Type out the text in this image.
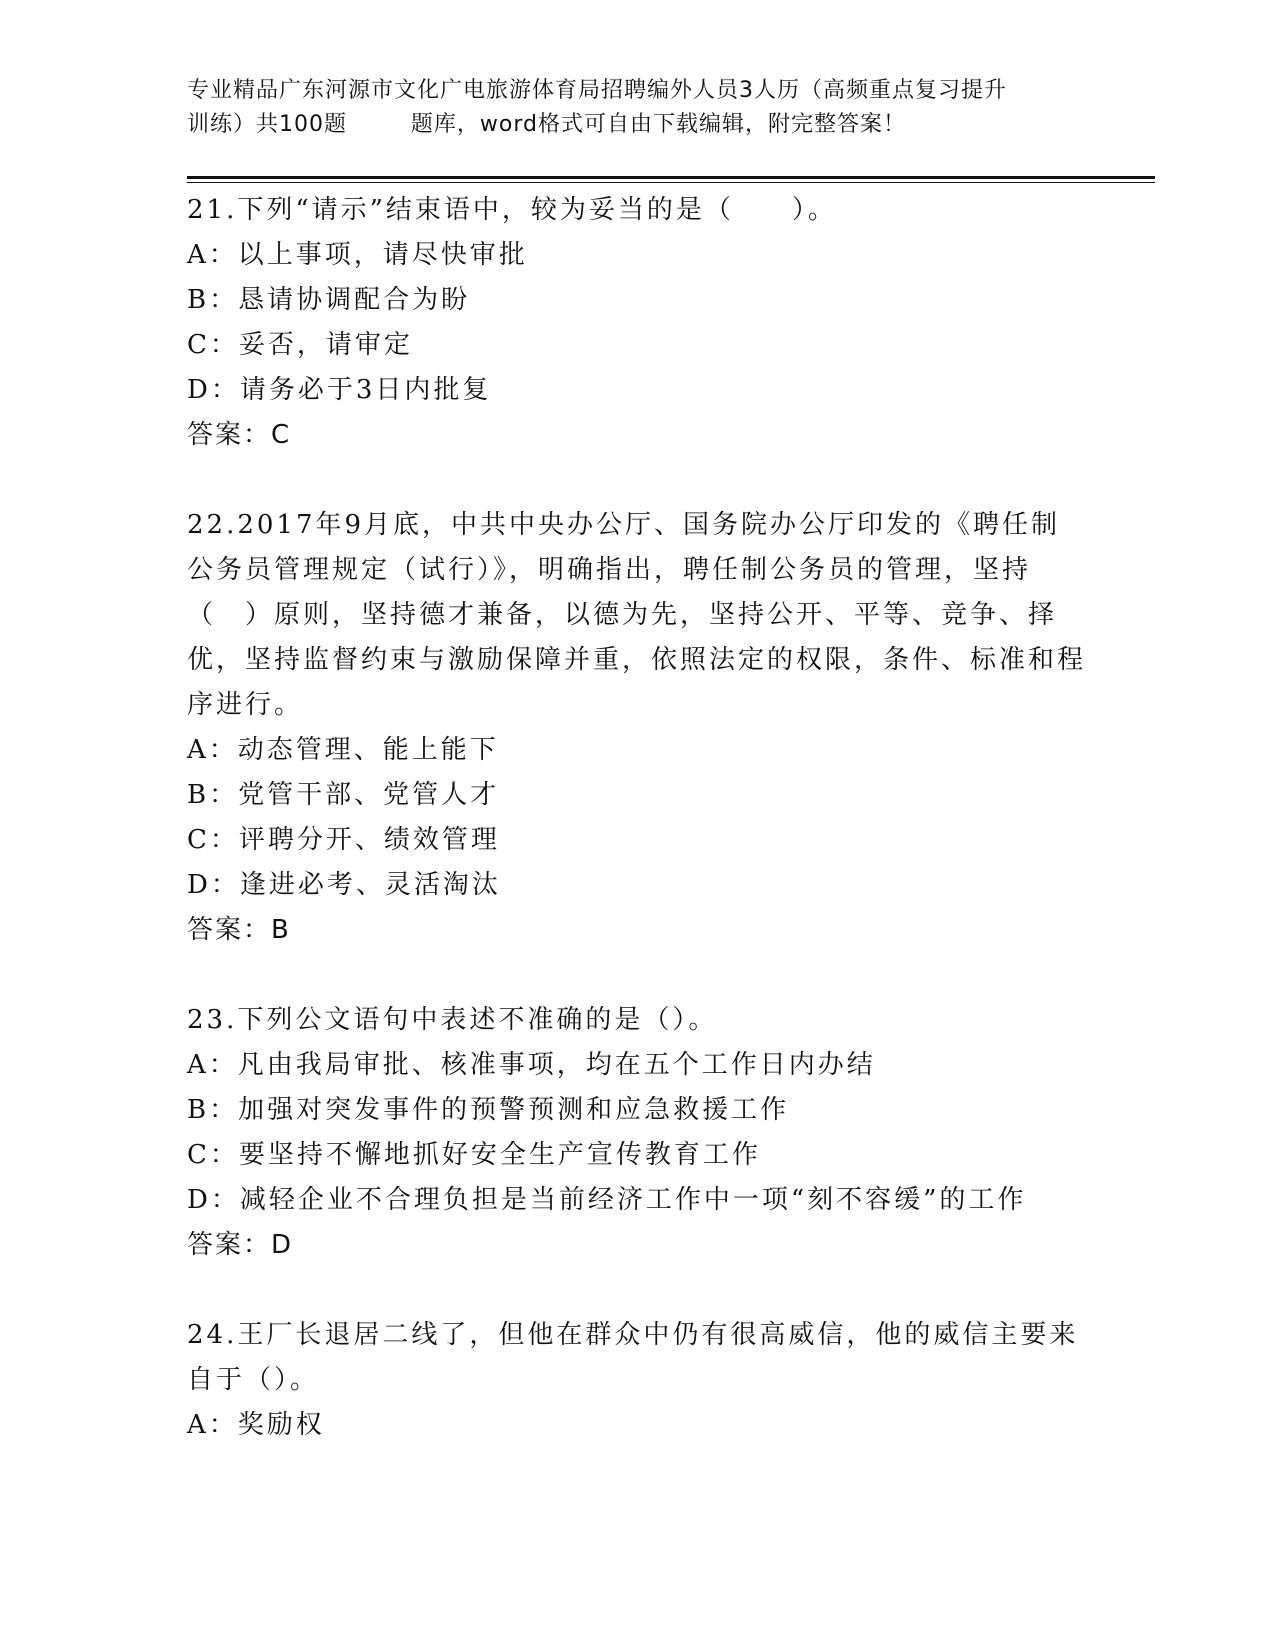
专业精品广东河源市文化广电旅游体育局招聘编外人员3人历（高频重点复习提升
训练）共100题        题库，word格式可自由下载编辑，附完整答案！

21.下列“请示”结束语中，较为妥当的是（　　）。

A：以上事项，请尽快审批

B：恳请协调配合为盼

C：妥否，请审定

D：请务必于3日内批复

答案：C

22.2017年9月底，中共中央办公厅、国务院办公厅印发的《聘任制公务员管理规定（试行）》，明确指出，聘任制公务员的管理，坚持（　）原则，坚持德才兼备，以德为先，坚持公开、平等、竞争、择优，坚持监督约束与激励保障并重，依照法定的权限，条件、标准和程序进行。

A：动态管理、能上能下

B：党管干部、党管人才

C：评聘分开、绩效管理

D：逢进必考、灵活淘汰

答案：B

23.下列公文语句中表述不准确的是（）。

A：凡由我局审批、核准事项，均在五个工作日内办结

B：加强对突发事件的预警预测和应急救援工作

C：要坚持不懈地抓好安全生产宣传教育工作

D：减轻企业不合理负担是当前经济工作中一项“刻不容缓”的工作

答案：D

24.王厂长退居二线了，但他在群众中仍有很高威信，他的威信主要来自于（）。

A：奖励权
